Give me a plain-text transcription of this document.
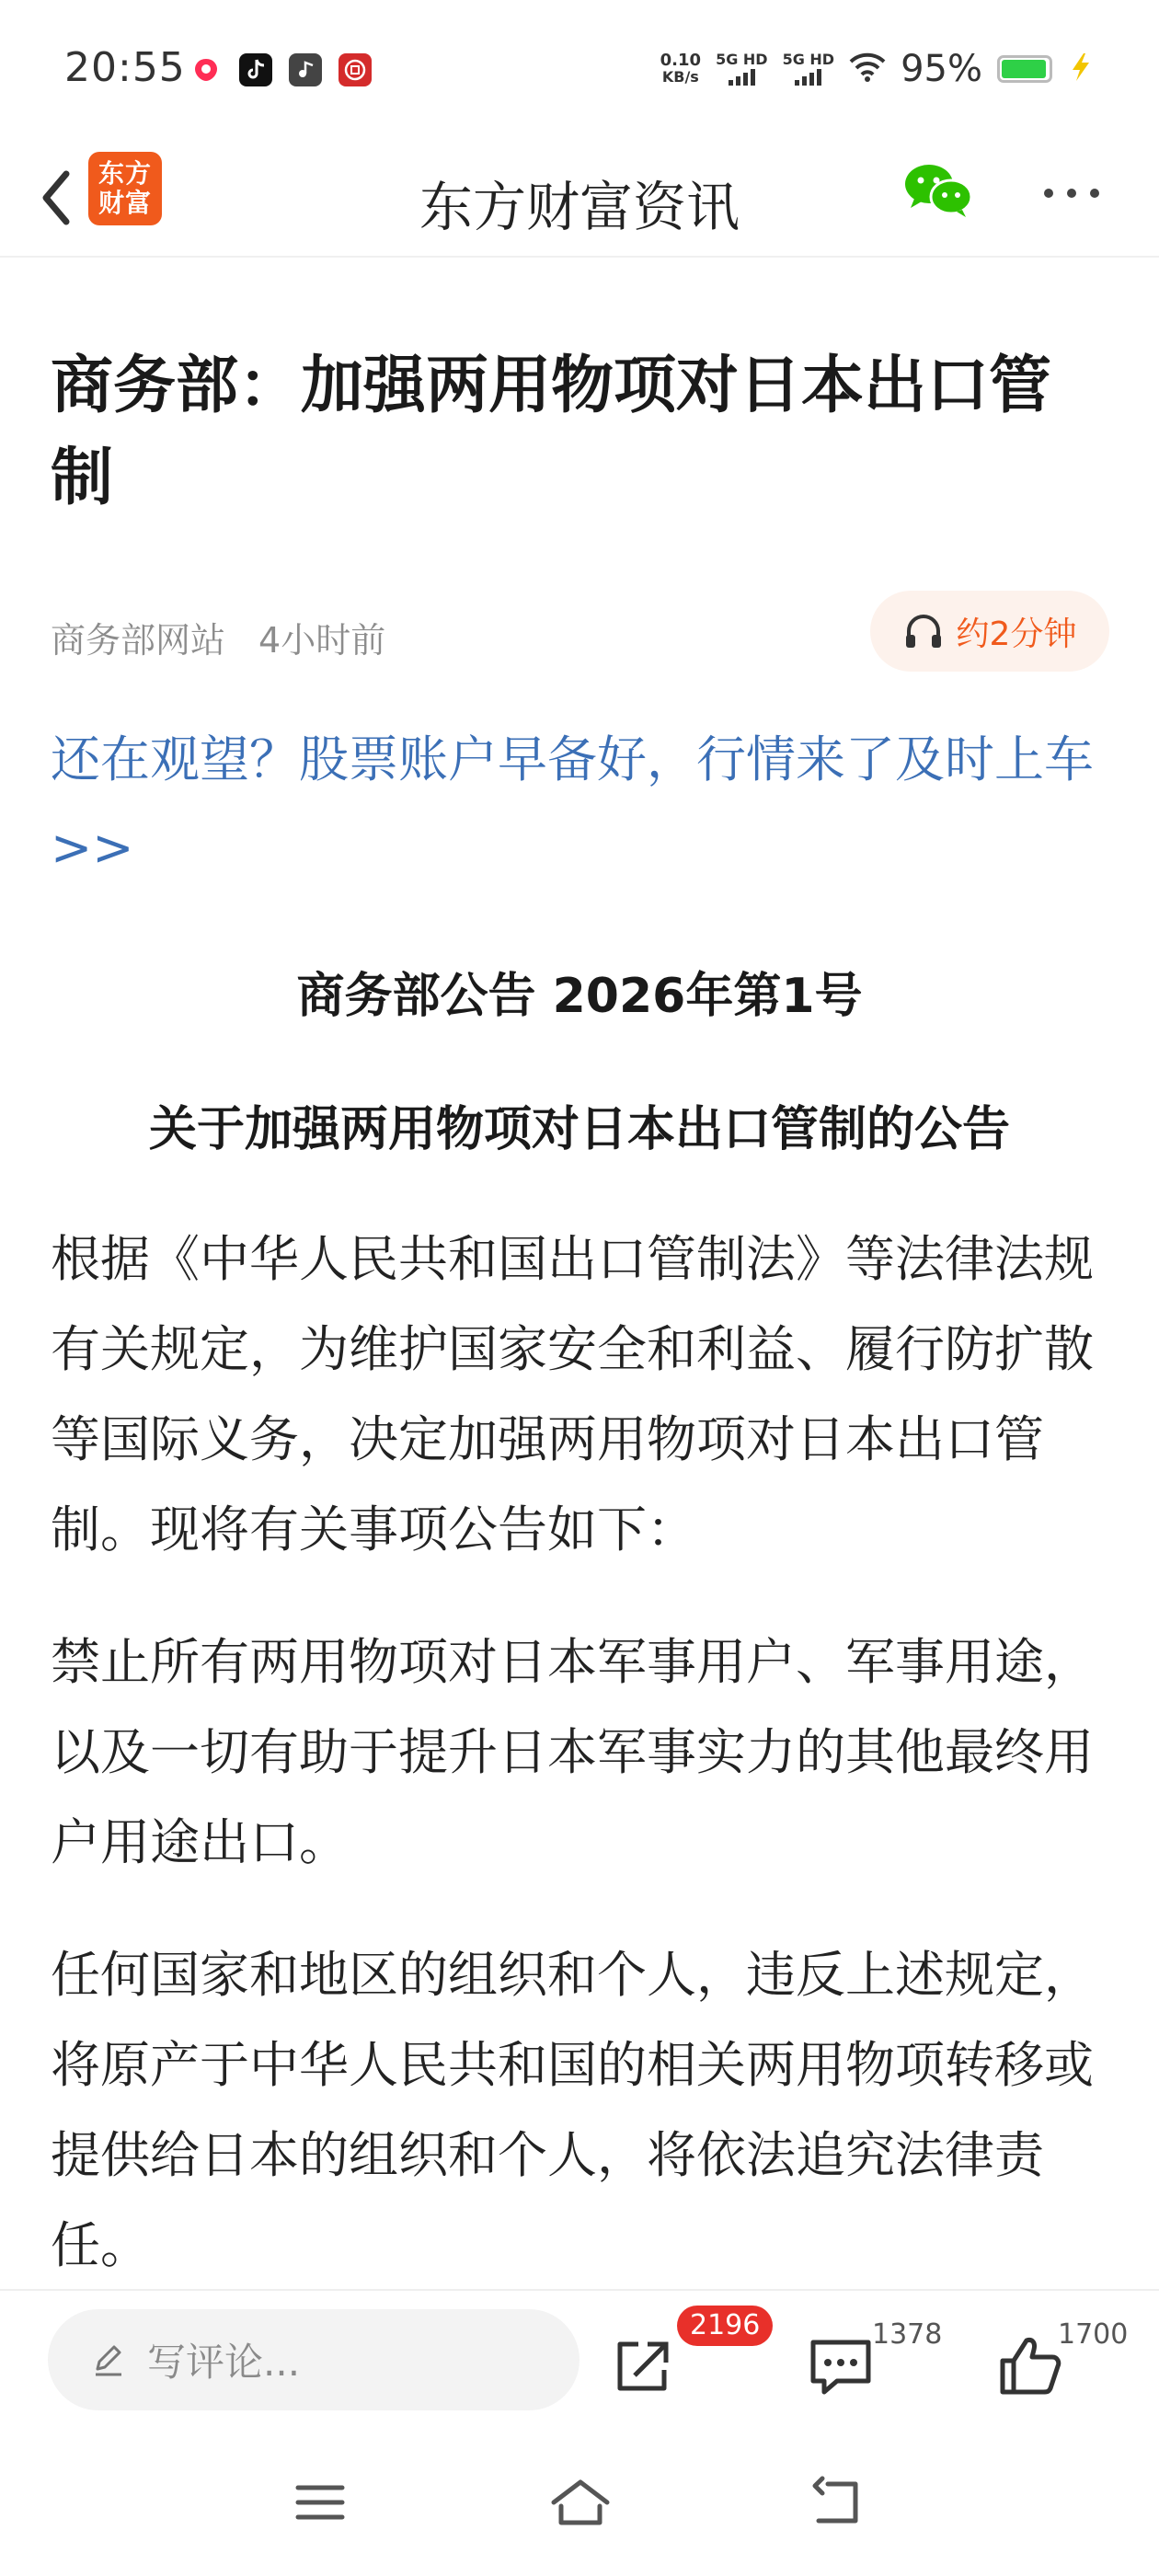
20:55	0.10
KB/s
5G HD 5G HD 95%
东方
财富	东方财富资讯
商务部：加强两用物项对日本出口管制
商务部网站 4小时前	约2分钟
还在观望？股票账户早备好，行情来了及时上车>>
商务部公告 2026年第1号
关于加强两用物项对日本出口管制的公告

根据《中华人民共和国出口管制法》等法律法规有关规定，为维护国家安全和利益、履行防扩散等国际义务，决定加强两用物项对日本出口管制。现将有关事项公告如下：

禁止所有两用物项对日本军事用户、军事用途，以及一切有助于提升日本军事实力的其他最终用户用途出口。

任何国家和地区的组织和个人，违反上述规定，将原产于中华人民共和国的相关两用物项转移或提供给日本的组织和个人，将依法追究法律责任。

写评论...
2196	1378	1700
